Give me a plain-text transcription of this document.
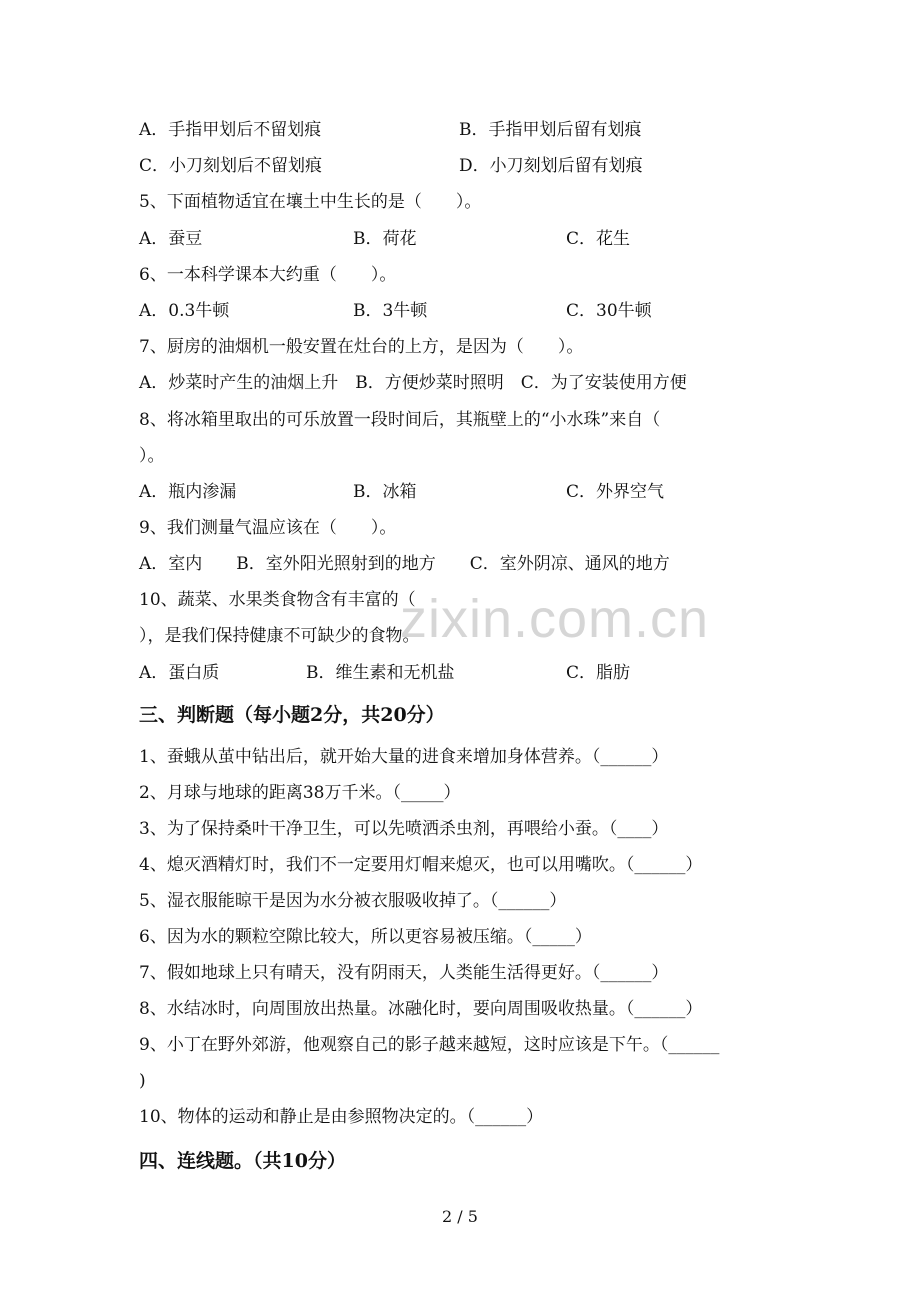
A．手指甲划后不留划痕	B．手指甲划后留有划痕
C．小刀刻划后不留划痕	D．小刀刻划后留有划痕
5、下面植物适宜在壤土中生长的是（　　）。
A．蚕豆	B．荷花	C．花生
6、一本科学课本大约重（　　）。
A．0.3牛顿	B．3牛顿	C．30牛顿
7、厨房的油烟机一般安置在灶台的上方，是因为（　　）。
A．炒菜时产生的油烟上升　B．方便炒菜时照明　C．为了安装使用方便
8、将冰箱里取出的可乐放置一段时间后，其瓶壁上的“小水珠”来自（
）。
A．瓶内渗漏	B．冰箱	C．外界空气
9、我们测量气温应该在（　　）。
A．室内　　B．室外阳光照射到的地方　　C．室外阴凉、通风的地方
zixin.com.cn
10、蔬菜、水果类食物含有丰富的（
），是我们保持健康不可缺少的食物。
A．蛋白质	B．维生素和无机盐	C．脂肪
三、判断题（每小题2分，共20分）
1、蚕蛾从茧中钻出后，就开始大量的进食来增加身体营养。（______）
2、月球与地球的距离38万千米。（_____）
3、为了保持桑叶干净卫生，可以先喷洒杀虫剂，再喂给小蚕。（____）
4、熄灭酒精灯时，我们不一定要用灯帽来熄灭，也可以用嘴吹。（______）
5、湿衣服能晾干是因为水分被衣服吸收掉了。（______）
6、因为水的颗粒空隙比较大，所以更容易被压缩。（_____）
7、假如地球上只有晴天，没有阴雨天，人类能生活得更好。（______）
8、水结冰时，向周围放出热量。冰融化时，要向周围吸收热量。（______）
9、小丁在野外郊游，他观察自己的影子越来越短，这时应该是下午。（______
)
10、物体的运动和静止是由参照物决定的。（______）
四、连线题。（共10分）
2 / 5
